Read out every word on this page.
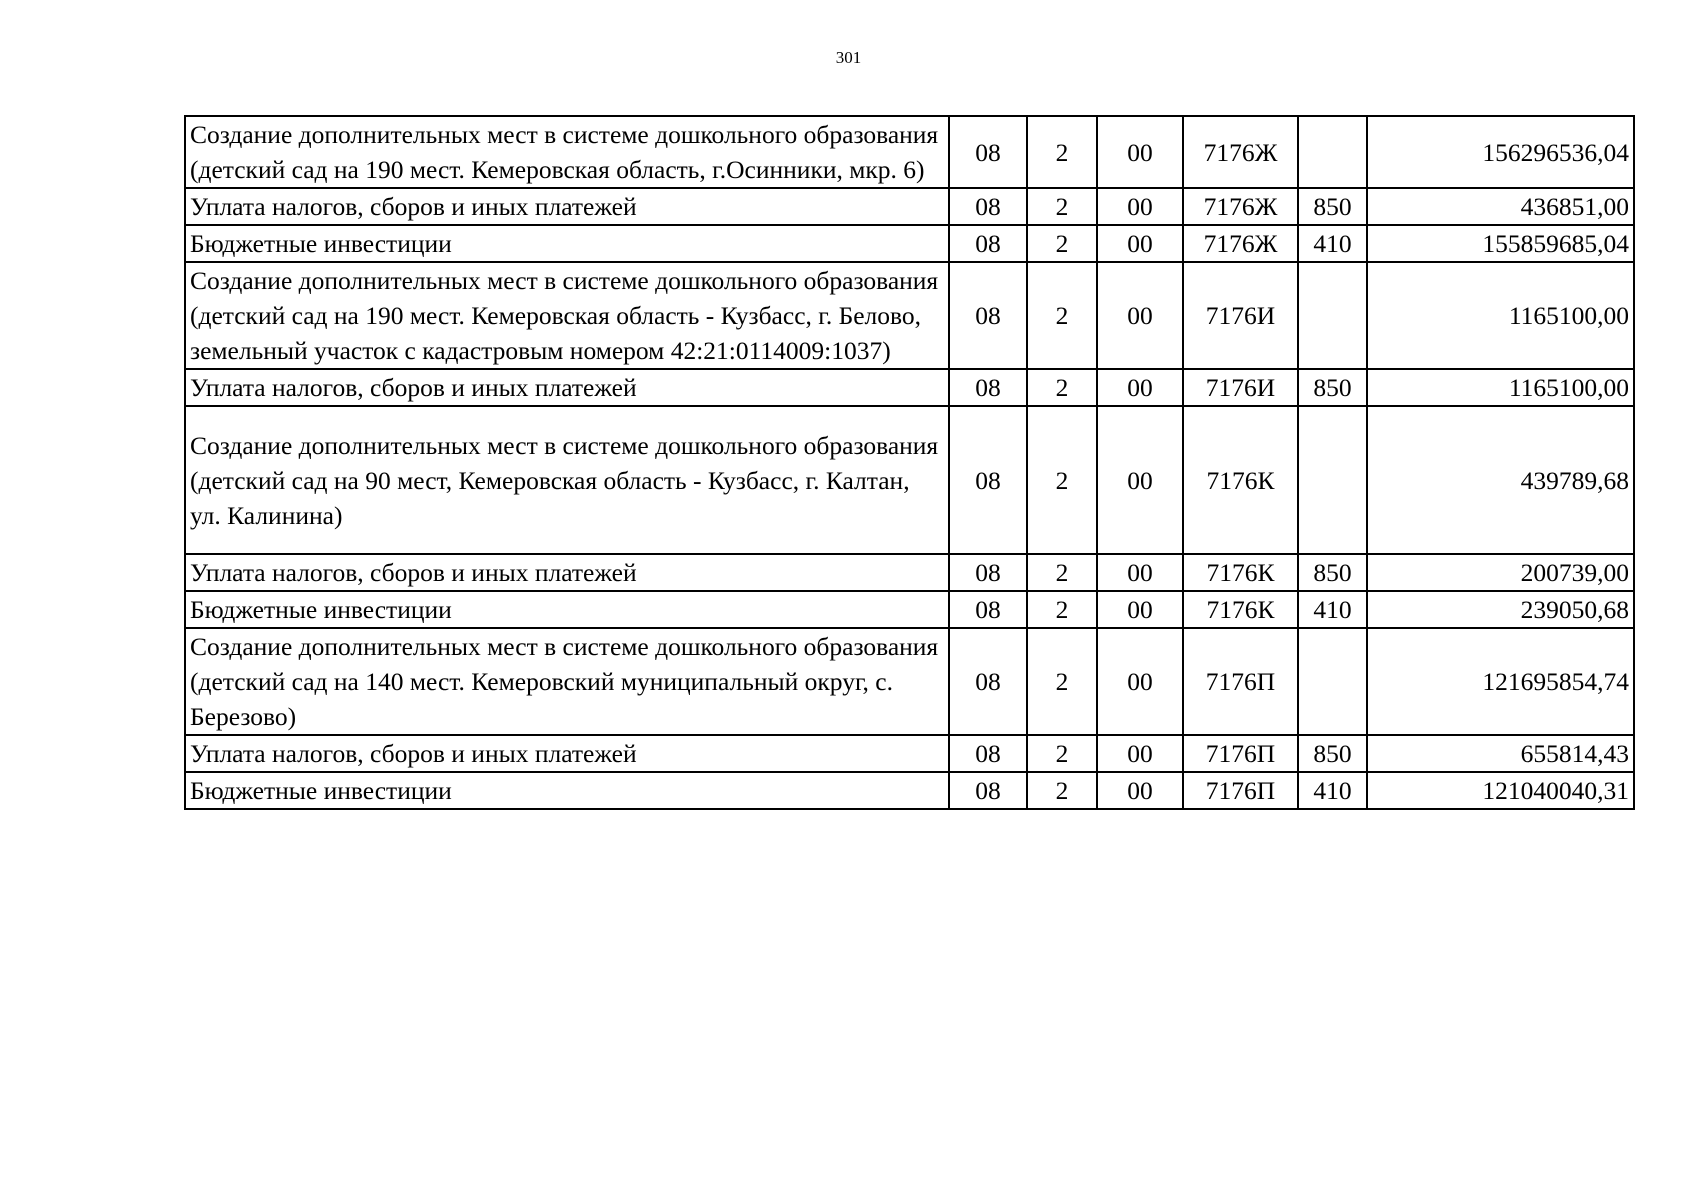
301
Создание дополнительных мест в системе дошкольного образования (детский сад на 190 мест. Кемеровская область, г.Осинники, мкр. 6)	08	2	00	7176Ж		156296536,04
Уплата налогов, сборов и иных платежей	08	2	00	7176Ж	850	436851,00
Бюджетные инвестиции	08	2	00	7176Ж	410	155859685,04
Создание дополнительных мест в системе дошкольного образования (детский сад на 190 мест. Кемеровская область - Кузбасс, г. Белово, земельный участок с кадастровым номером 42:21:0114009:1037)	08	2	00	7176И		1165100,00
Уплата налогов, сборов и иных платежей	08	2	00	7176И	850	1165100,00
Создание дополнительных мест в системе дошкольного образования (детский сад на 90 мест, Кемеровская область - Кузбасс, г. Калтан, ул. Калинина)	08	2	00	7176К		439789,68
Уплата налогов, сборов и иных платежей	08	2	00	7176К	850	200739,00
Бюджетные инвестиции	08	2	00	7176К	410	239050,68
Создание дополнительных мест в системе дошкольного образования (детский сад на 140 мест. Кемеровский муниципальный округ, с. Березово)	08	2	00	7176П		121695854,74
Уплата налогов, сборов и иных платежей	08	2	00	7176П	850	655814,43
Бюджетные инвестиции	08	2	00	7176П	410	121040040,31
